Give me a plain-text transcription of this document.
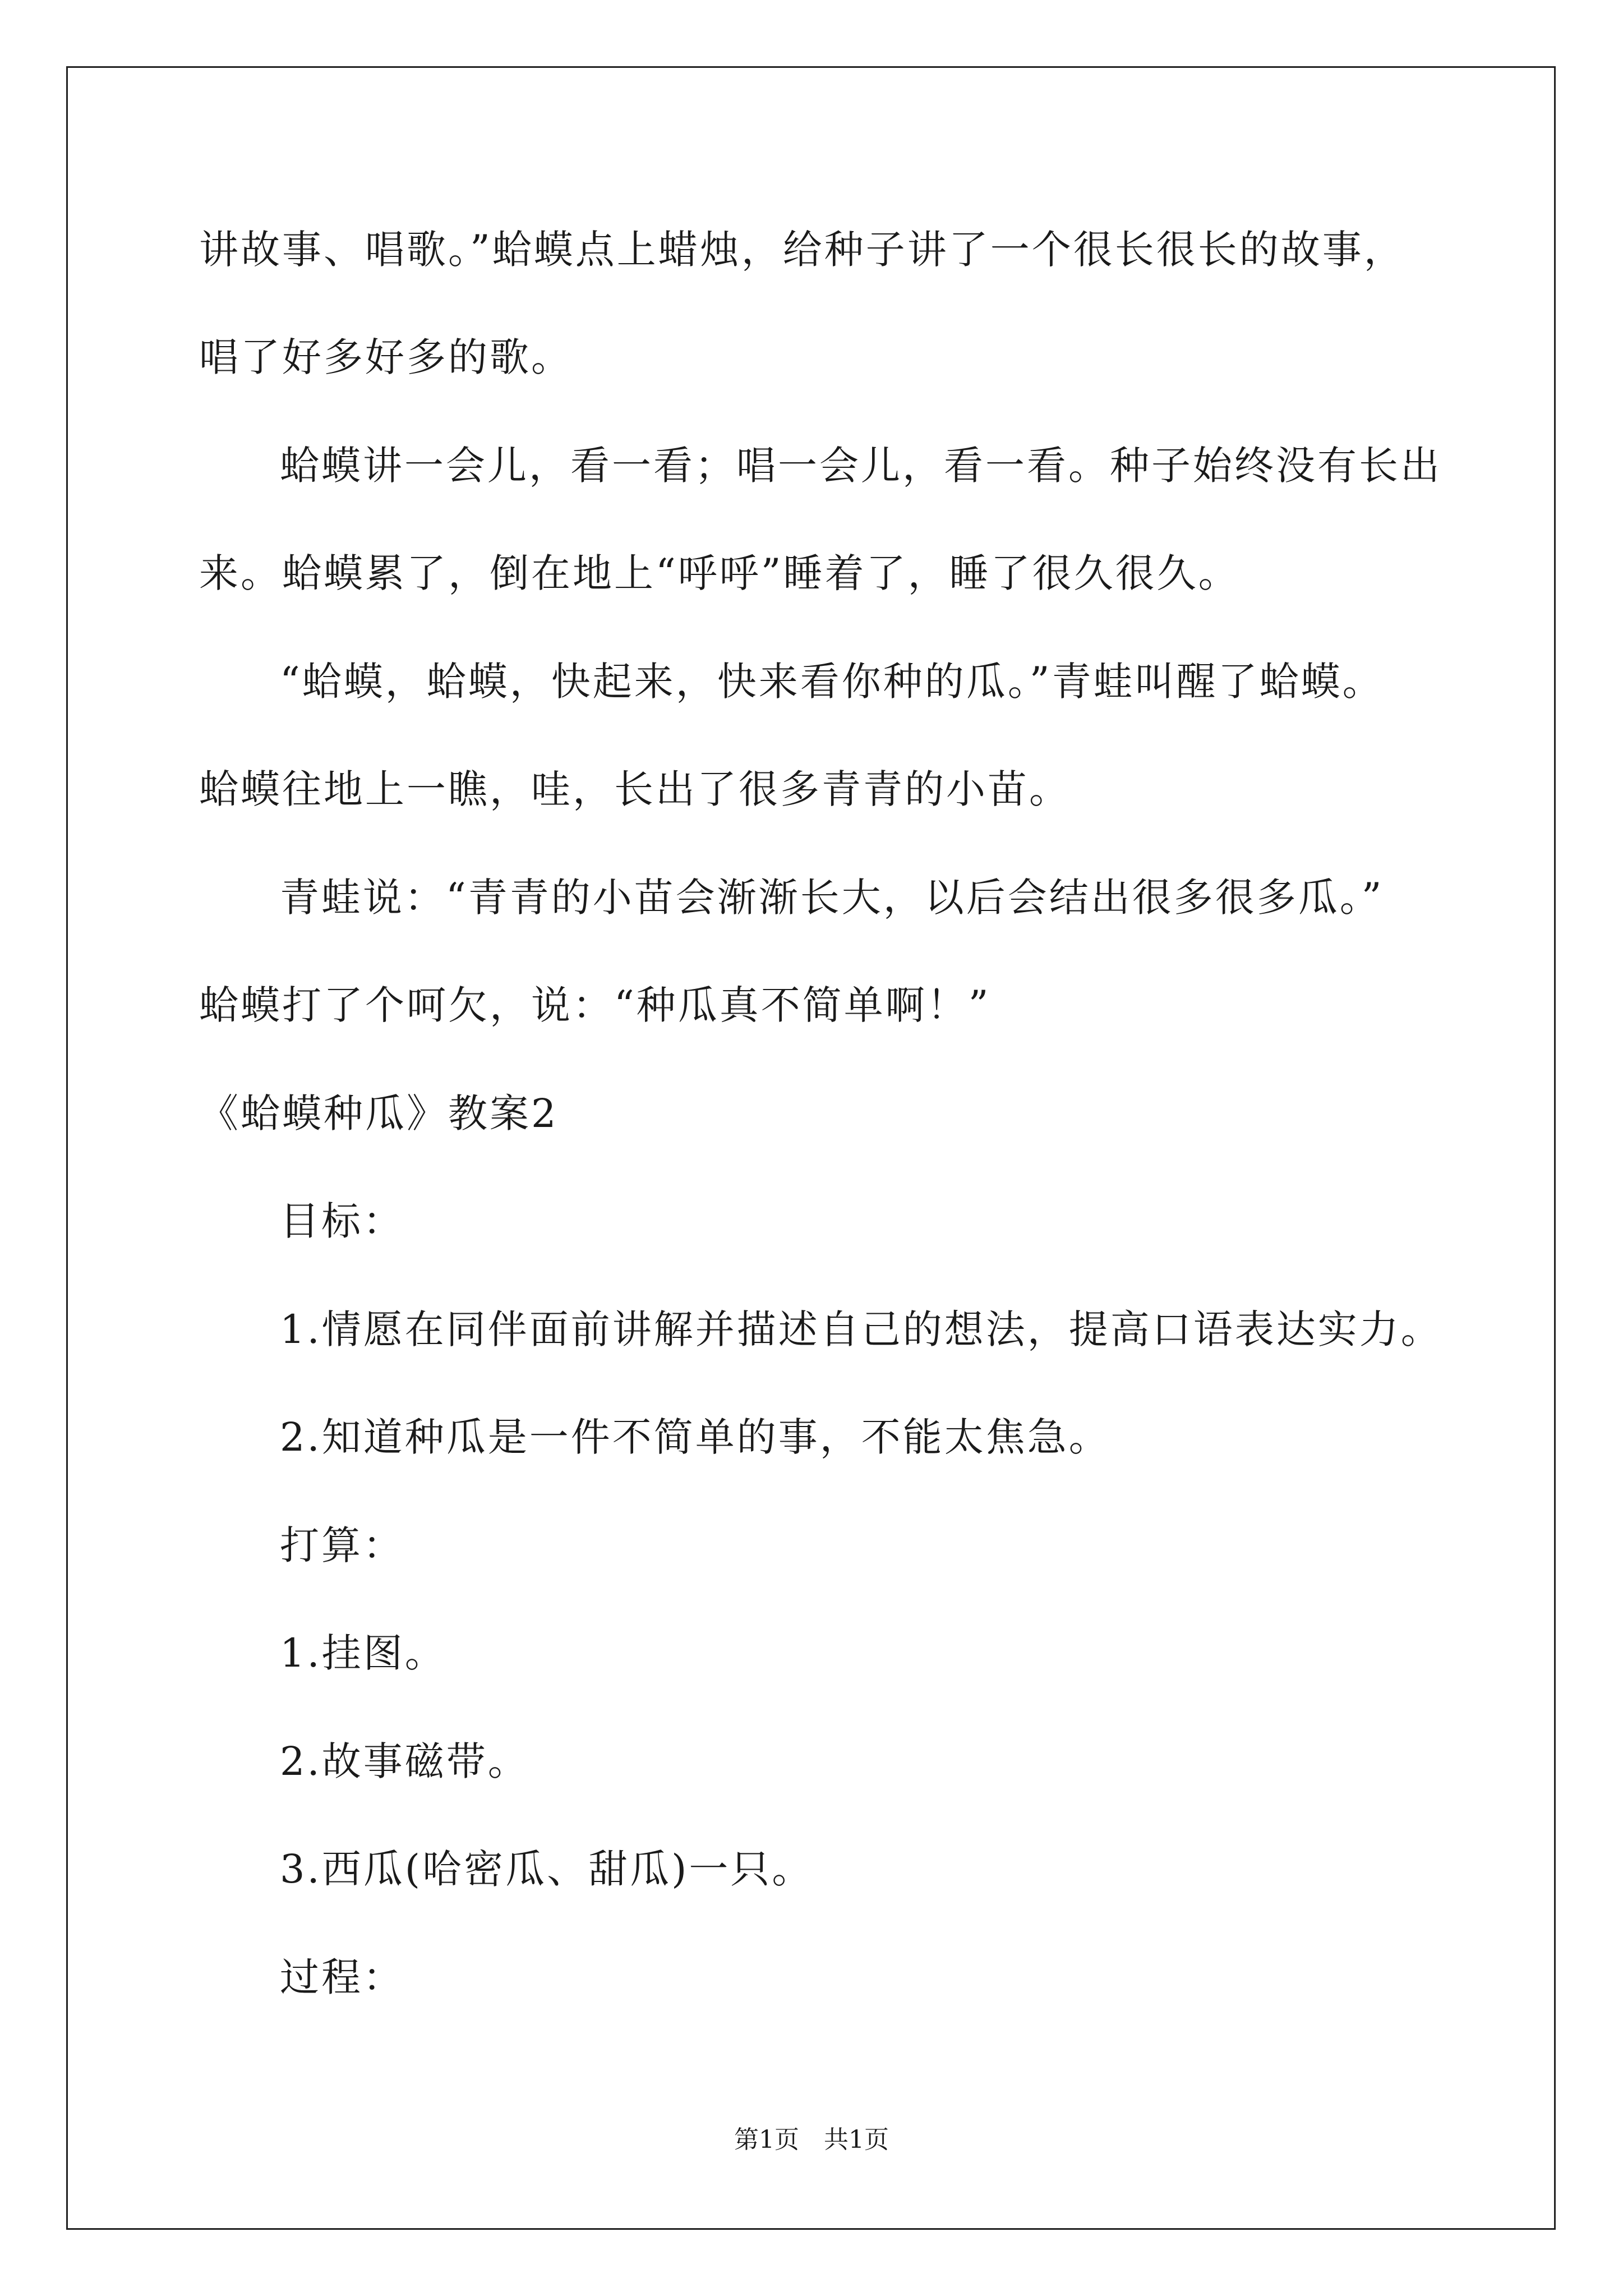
讲故事、唱歌。”蛤蟆点上蜡烛，给种子讲了一个很长很长的故事，
唱了好多好多的歌。
蛤蟆讲一会儿，看一看；唱一会儿，看一看。种子始终没有长出
来。蛤蟆累了，倒在地上“呼呼”睡着了，睡了很久很久。
“蛤蟆，蛤蟆，快起来，快来看你种的瓜。”青蛙叫醒了蛤蟆。
蛤蟆往地上一瞧，哇，长出了很多青青的小苗。
青蛙说：“青青的小苗会渐渐长大，以后会结出很多很多瓜。”
蛤蟆打了个呵欠，说：“种瓜真不简单啊！”
《蛤蟆种瓜》教案2
目标：
1.情愿在同伴面前讲解并描述自己的想法，提高口语表达实力。
2.知道种瓜是一件不简单的事，不能太焦急。
打算：
1.挂图。
2.故事磁带。
3.西瓜(哈密瓜、甜瓜)一只。
过程：
第1页　共1页
